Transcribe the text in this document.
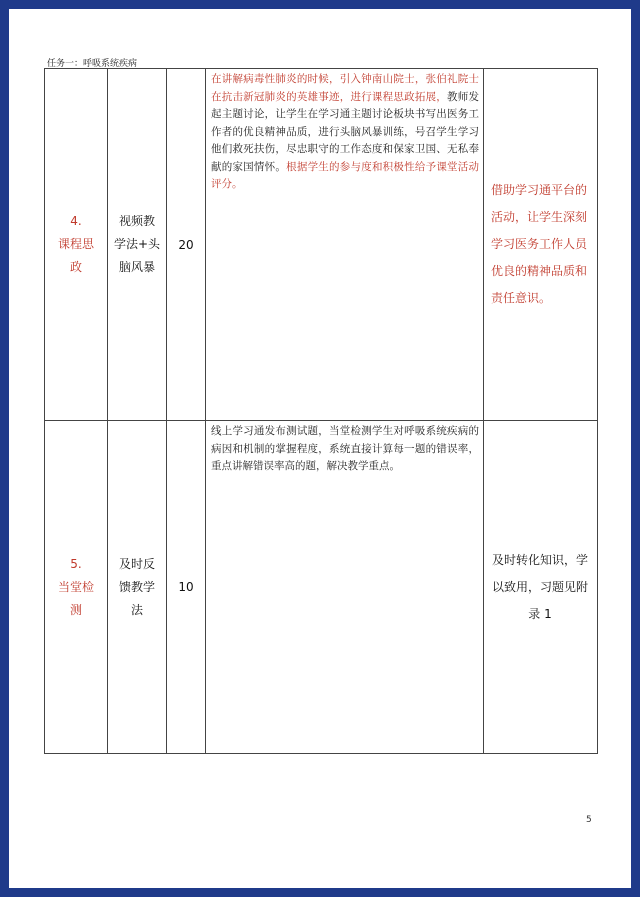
任务一：呼吸系统疾病
4.
课程思
政	视频教
学法+头
脑风暴	20	在讲解病毒性肺炎的时候，引入钟南山院士，张伯礼院士在抗击新冠肺炎的英雄事迹，进行课程思政拓展，教师发起主题讨论，让学生在学习通主题讨论板块书写出医务工作者的优良精神品质，进行头脑风暴训练，号召学生学习他们救死扶伤，尽忠职守的工作态度和保家卫国、无私奉献的家国情怀。根据学生的参与度和积极性给予课堂活动评分。	借助学习通平台的活动，让学生深刻学习医务工作人员优良的精神品质和责任意识。

5.
当堂检
测	及时反
馈教学
法	10	线上学习通发布测试题，当堂检测学生对呼吸系统疾病的病因和机制的掌握程度，系统直接计算每一题的错误率，重点讲解错误率高的题，解决教学重点。	及时转化知识，学以致用，习题见附录 1
5
